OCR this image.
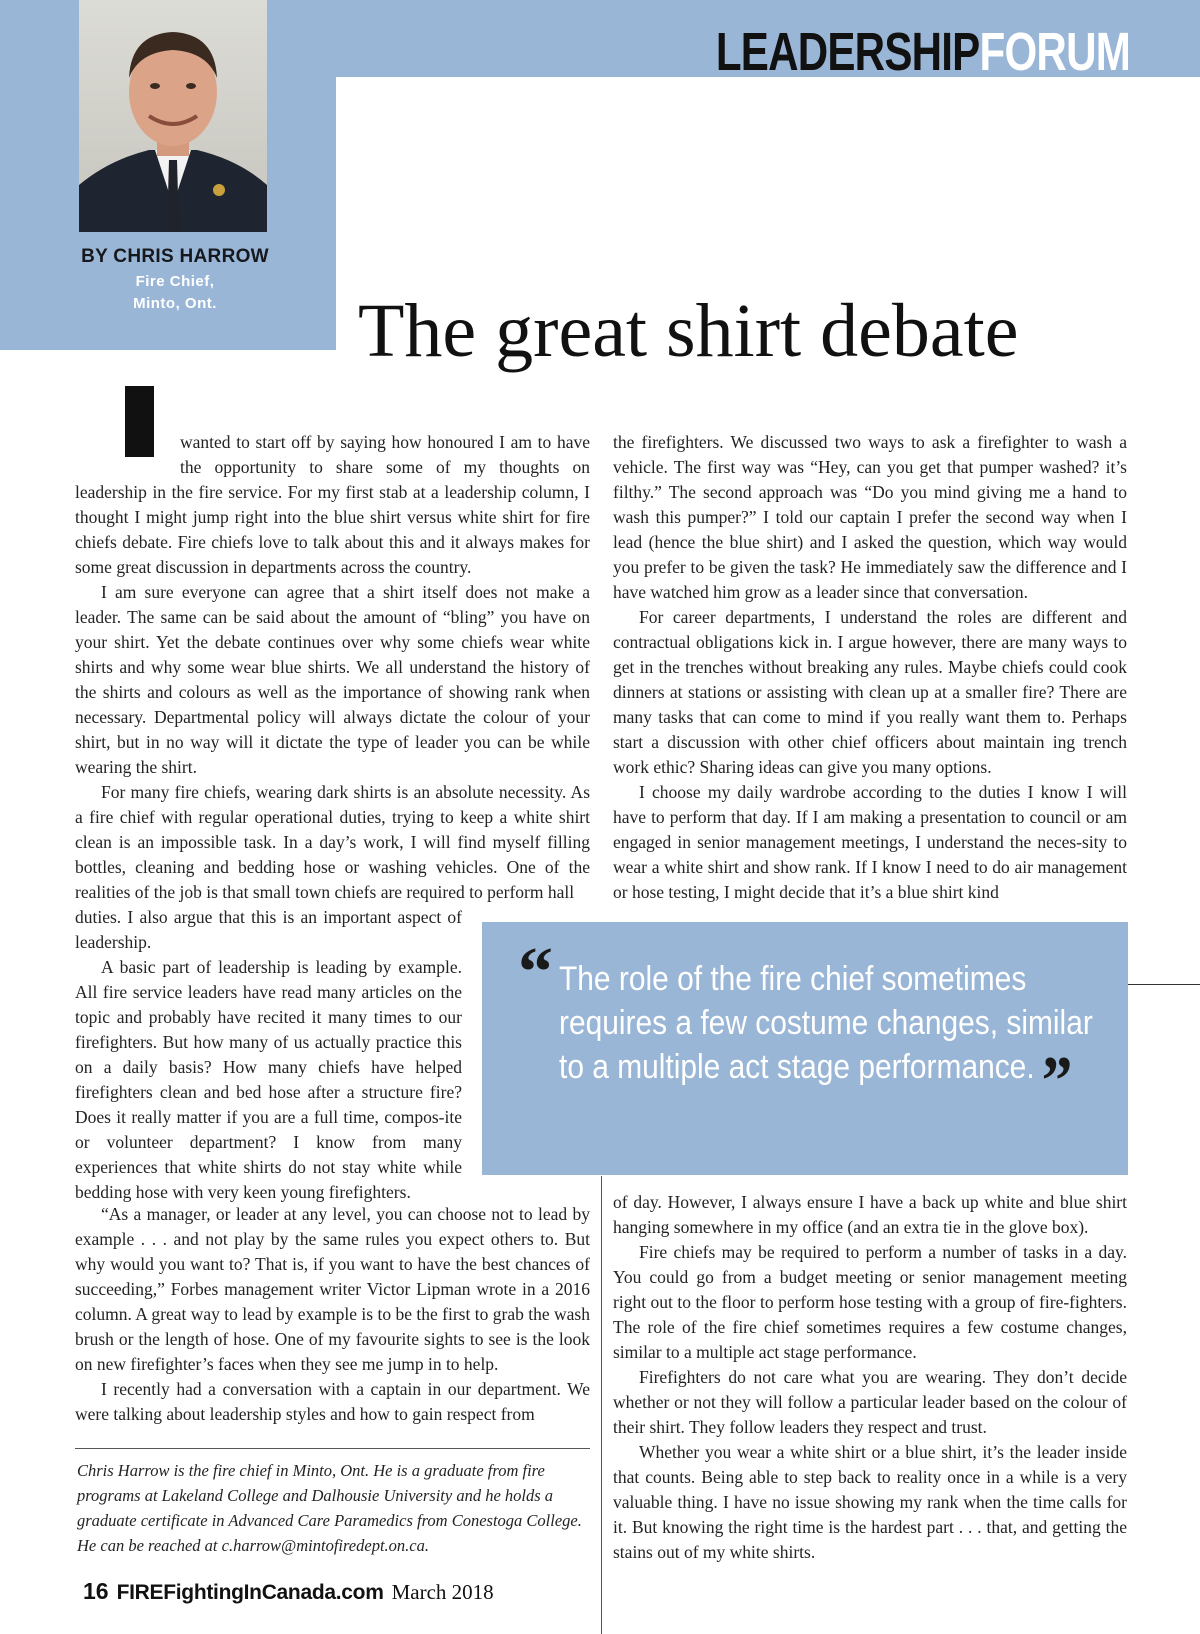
LEADERSHIPFORUM
BY CHRIS HARROW
Fire Chief,
Minto, Ont.	The great shirt debate

I
wanted to start off by saying how honoured I am to have the opportunity to share some of my thoughts on leadership in the fire service. For my first stab at a leadership column, I thought I might jump right into the blue shirt versus white shirt for fire chiefs debate. Fire chiefs love to talk about this and it always makes for some great discussion in departments across the country.

I am sure everyone can agree that a shirt itself does not make a leader. The same can be said about the amount of “bling” you have on your shirt. Yet the debate continues over why some chiefs wear white shirts and why some wear blue shirts. We all understand the history of the shirts and colours as well as the importance of showing rank when necessary. Departmental policy will always dictate the colour of your shirt, but in no way will it dictate the type of leader you can be while wearing the shirt.

For many fire chiefs, wearing dark shirts is an absolute necessity. As a fire chief with regular operational duties, trying to keep a white shirt clean is an impossible task. In a day’s work, I will find myself filling bottles, cleaning and bedding hose or washing vehicles. One of the realities of the job is that small town chiefs are required to perform hall

duties. I also argue that this is an important aspect of leadership.

A basic part of leadership is leading by example. All fire service leaders have read many articles on the topic and probably have recited it many times to our firefighters. But how many of us actually practice this on a daily basis? How many chiefs have helped firefighters clean and bed hose after a structure fire? Does it really matter if you are a full time, compos-ite or volunteer department? I know from many experiences that white shirts do not stay white while bedding hose with very keen young firefighters.

“As a manager, or leader at any level, you can choose not to lead by example . . . and not play by the same rules you expect others to. But why would you want to? That is, if you want to have the best chances of succeeding,” Forbes management writer Victor Lipman wrote in a 2016 column. A great way to lead by example is to be the first to grab the wash brush or the length of hose. One of my favourite sights to see is the look on new firefighter’s faces when they see me jump in to help.

I recently had a conversation with a captain in our department. We were talking about leadership styles and how to gain respect from

the firefighters. We discussed two ways to ask a firefighter to wash a vehicle. The first way was “Hey, can you get that pumper washed? it’s filthy.” The second approach was “Do you mind giving me a hand to wash this pumper?” I told our captain I prefer the second way when I lead (hence the blue shirt) and I asked the question, which way would you prefer to be given the task? He immediately saw the difference and I have watched him grow as a leader since that conversation.

For career departments, I understand the roles are different and contractual obligations kick in. I argue however, there are many ways to get in the trenches without breaking any rules. Maybe chiefs could cook dinners at stations or assisting with clean up at a smaller fire? There are many tasks that can come to mind if you really want them to. Perhaps start a discussion with other chief officers about maintain ing trench work ethic? Sharing ideas can give you many options.

I choose my daily wardrobe according to the duties I know I will have to perform that day. If I am making a presentation to council or am engaged in senior management meetings, I understand the neces-sity to wear a white shirt and show rank. If I know I need to do air management or hose testing, I might decide that it’s a blue shirt kind

“ The role of the fire chief sometimes requires a few costume changes, similar to a multiple act stage performance. ”

of day. However, I always ensure I have a back up white and blue shirt hanging somewhere in my office (and an extra tie in the glove box).

Fire chiefs may be required to perform a number of tasks in a day. You could go from a budget meeting or senior management meeting right out to the floor to perform hose testing with a group of fire-fighters. The role of the fire chief sometimes requires a few costume changes, similar to a multiple act stage performance.

Firefighters do not care what you are wearing. They don’t decide whether or not they will follow a particular leader based on the colour of their shirt. They follow leaders they respect and trust.

Whether you wear a white shirt or a blue shirt, it’s the leader inside that counts. Being able to step back to reality once in a while is a very valuable thing. I have no issue showing my rank when the time calls for it. But knowing the right time is the hardest part . . . that, and getting the stains out of my white shirts.

Chris Harrow is the fire chief in Minto, Ont. He is a graduate from fire programs at Lakeland College and Dalhousie University and he holds a graduate certificate in Advanced Care Paramedics from Conestoga College. He can be reached at c.harrow@mintofiredept.on.ca.

16 FIREFightingInCanada.com March 2018
